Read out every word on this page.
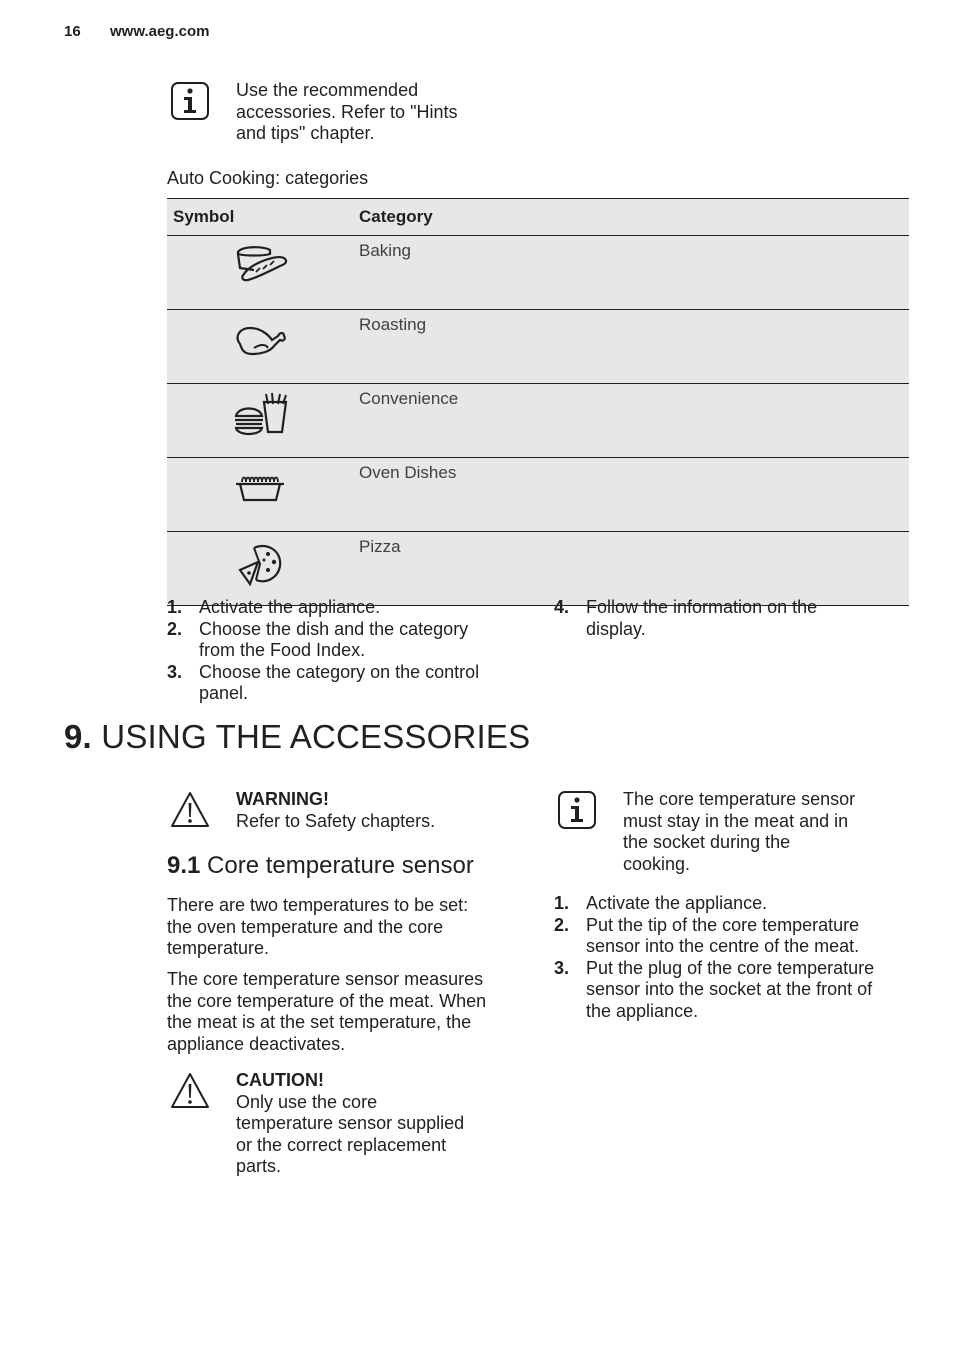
16 www.aeg.com
Use the recommended
accessories. Refer to "Hints
and tips" chapter.
Auto Cooking: categories
Symbol	Category

	Baking

	Roasting

	Convenience

	Oven Dishes

	Pizza
1. Activate the appliance.
2. Choose the dish and the category
from the Food Index.
3. Choose the category on the control
panel.
4. Follow the information on the
display.
9. USING THE ACCESSORIES
WARNING!
Refer to Safety chapters.
9.1 Core temperature sensor
There are two temperatures to be set:
the oven temperature and the core
temperature.
The core temperature sensor measures
the core temperature of the meat. When
the meat is at the set temperature, the
appliance deactivates.
CAUTION!
Only use the core
temperature sensor supplied
or the correct replacement
parts.
The core temperature sensor
must stay in the meat and in
the socket during the
cooking.
1. Activate the appliance.
2. Put the tip of the core temperature
sensor into the centre of the meat.
3. Put the plug of the core temperature
sensor into the socket at the front of
the appliance.
